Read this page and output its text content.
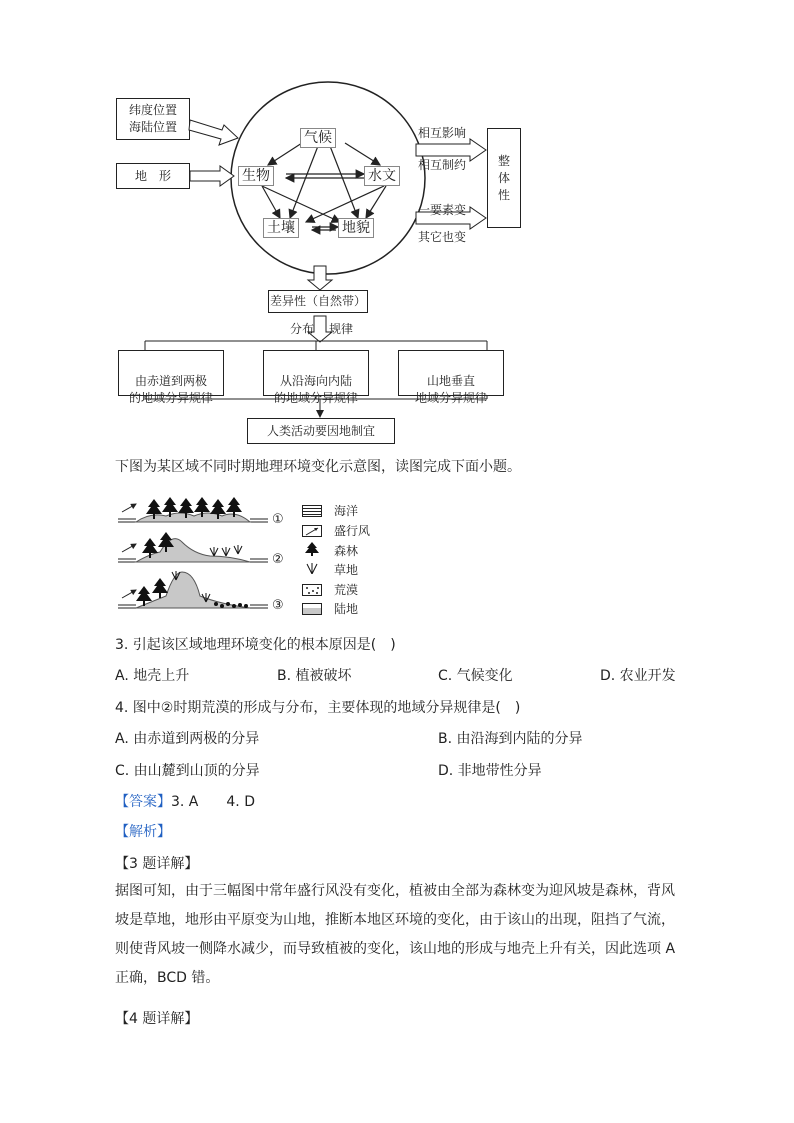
纬度位置
海陆位置
地　形
气候
生物	水文
土壤	地貌
相互影响
相互制约
一要素变
其它也变
整体性
差异性（自然带）
分布 规律

由赤道到两极
的地域分异规律

从沿海向内陆
的地域分异规律

山地垂直
地域分异规律

人类活动要因地制宜
下图为某区域不同时期地理环境变化示意图，读图完成下面小题。
①
②
③
海洋
盛行风
森林
草地
荒漠
陆地
3. 引起该区域地理环境变化的根本原因是(　)
A. 地壳上升	B. 植被破坏	C. 气候变化	D. 农业开发
4. 图中②时期荒漠的形成与分布，主要体现的地域分异规律是(　)
A. 由赤道到两极的分异	B. 由沿海到内陆的分异
C. 由山麓到山顶的分异	D. 非地带性分异
【答案】3. A　　4. D
【解析】
【3 题详解】
据图可知，由于三幅图中常年盛行风没有变化，植被由全部为森林变为迎风坡是森林，背风坡是草地，地形由平原变为山地，推断本地区环境的变化，由于该山的出现，阻挡了气流，则使背风坡一侧降水减少，而导致植被的变化，该山地的形成与地壳上升有关，因此选项 A 正确，BCD 错。
【4 题详解】
